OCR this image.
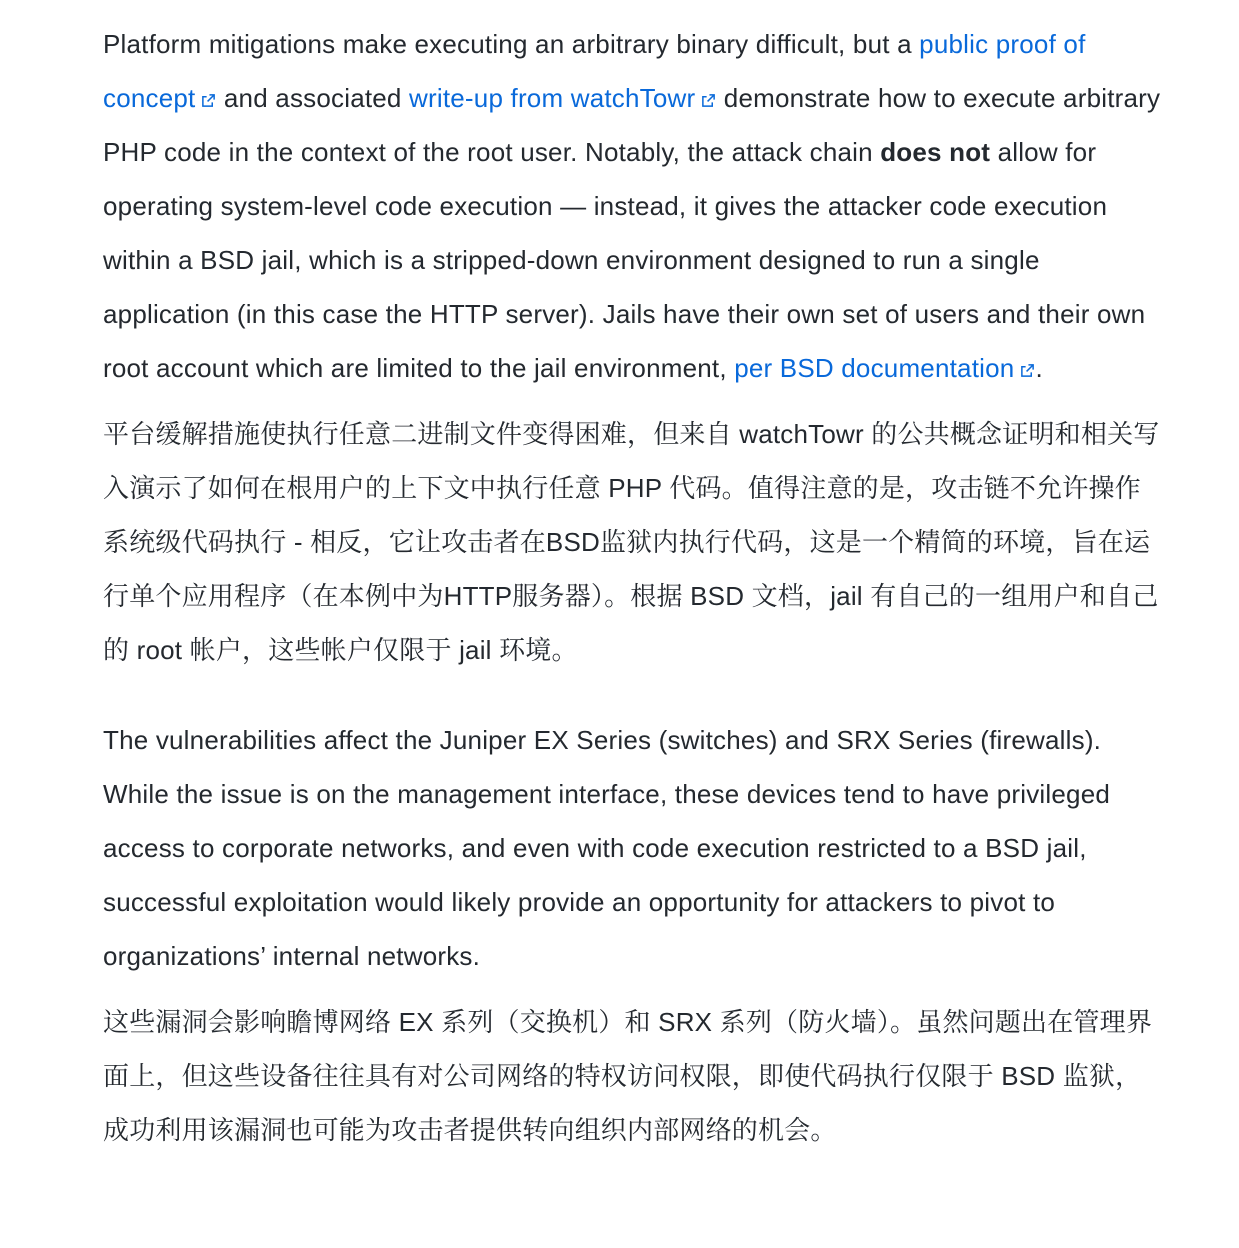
Platform mitigations make executing an arbitrary binary difficult, but a public proof of concept
and associated write-up from watchTowr
demonstrate how to execute arbitrary PHP code in the context of the root user. Notably, the attack chain does not allow for operating system-level code execution — instead, it gives the attacker code execution within a BSD jail, which is a stripped-down environment designed to run a single application (in this case the HTTP server). Jails have their own set of users and their own root account which are limited to the jail environment, per BSD documentation .

平台缓解措施使执行任意二进制文件变得困难，但来自 watchTowr 的公共概念证明和相关写入演示了如何在根用户的上下文中执行任意 PHP 代码。值得注意的是，攻击链不允许操作系统级代码执行 - 相反，它让攻击者在BSD监狱内执行代码，这是一个精简的环境，旨在运行单个应用程序（在本例中为HTTP服务器）。根据 BSD 文档，jail 有自己的一组用户和自己的 root 帐户，这些帐户仅限于 jail 环境。

The vulnerabilities affect the Juniper EX Series (switches) and SRX Series (firewalls). While the issue is on the management interface, these devices tend to have privileged access to corporate networks, and even with code execution restricted to a BSD jail, successful exploitation would likely provide an opportunity for attackers to pivot to organizations’ internal networks.

这些漏洞会影响瞻博网络 EX 系列（交换机）和 SRX 系列（防火墙）。虽然问题出在管理界面上，但这些设备往往具有对公司网络的特权访问权限，即使代码执行仅限于 BSD 监狱，成功利用该漏洞也可能为攻击者提供转向组织内部网络的机会。
